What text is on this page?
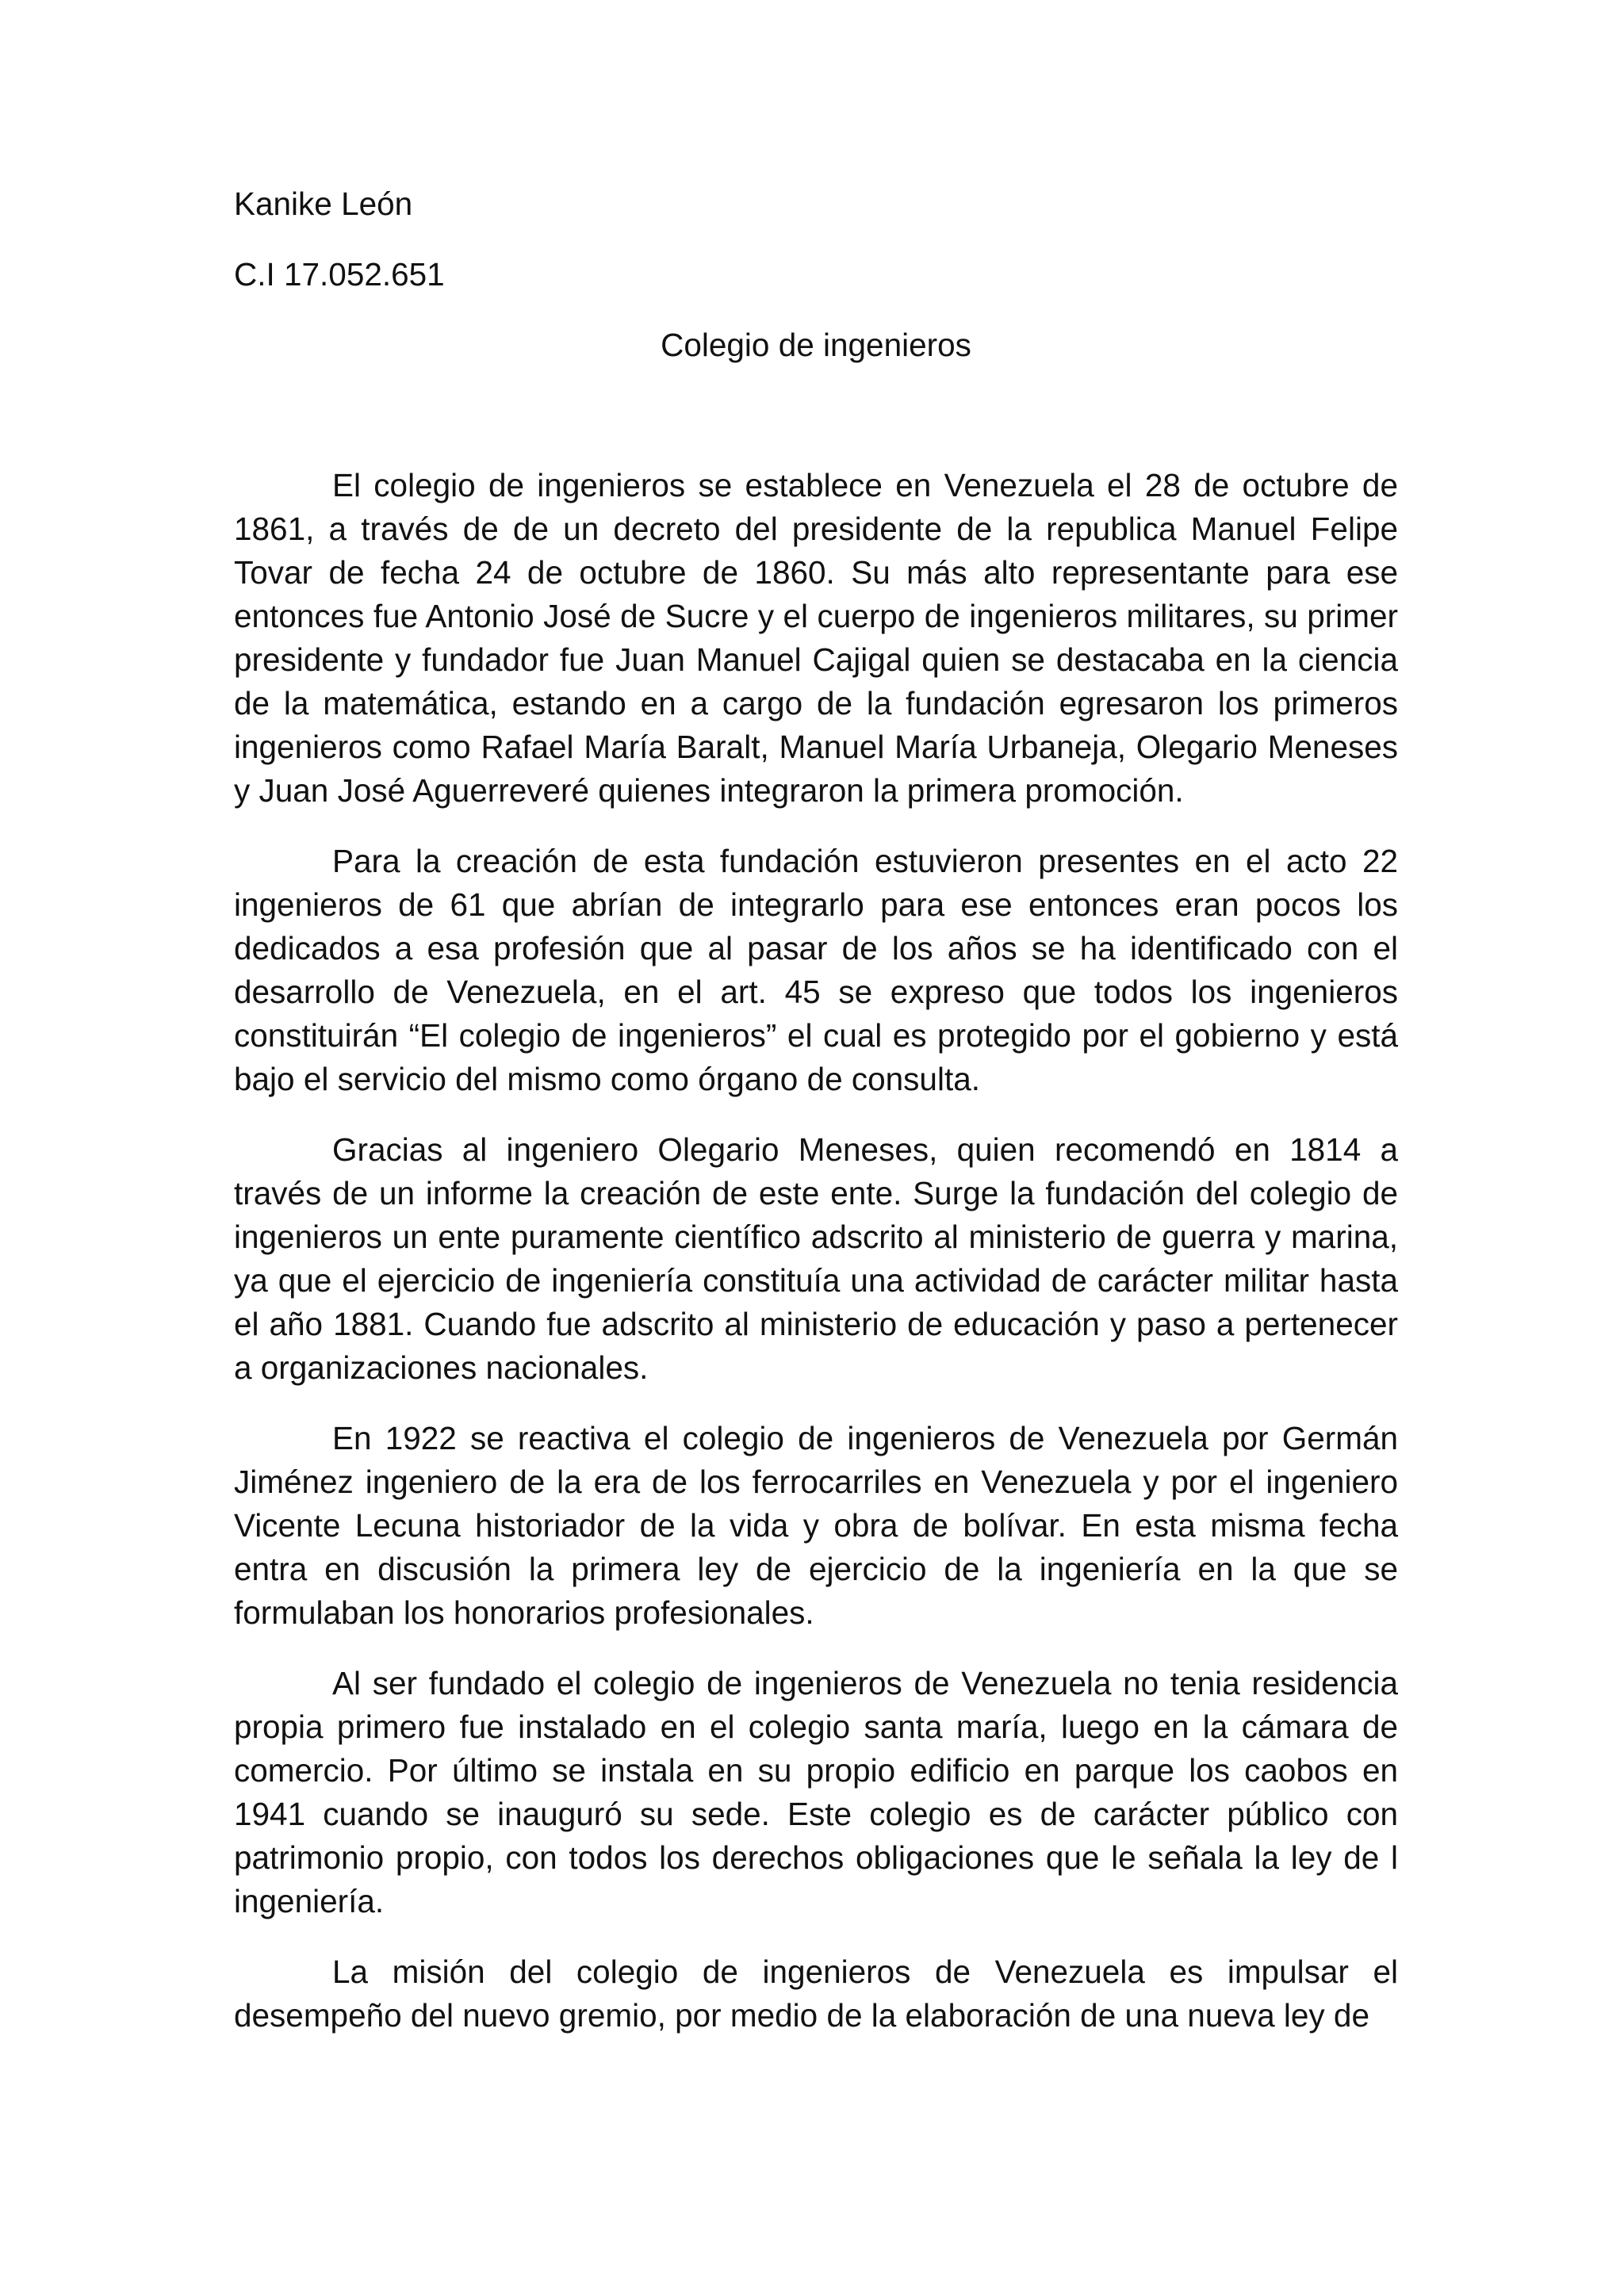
Kanike León
C.I 17.052.651
Colegio de ingenieros

El colegio de ingenieros se establece en Venezuela el 28 de octubre de 1861, a través de de un decreto del presidente de la republica Manuel Felipe Tovar de fecha 24 de octubre de 1860. Su más alto representante para ese entonces fue Antonio José de Sucre y el cuerpo de ingenieros militares, su primer presidente y fundador fue Juan Manuel Cajigal quien se destacaba en la ciencia de la matemática, estando en a cargo de la fundación egresaron los primeros ingenieros como Rafael María Baralt, Manuel María Urbaneja, Olegario Meneses y Juan José Aguerreveré quienes integraron la primera promoción.

Para la creación de esta fundación estuvieron presentes en el acto 22 ingenieros de 61 que abrían de integrarlo para ese entonces eran pocos los dedicados a esa profesión que al pasar de los años se ha identificado con el desarrollo de Venezuela, en el art. 45 se expreso que todos los ingenieros constituirán “El colegio de ingenieros” el cual es protegido por el gobierno y está bajo el servicio del mismo como órgano de consulta.

Gracias al ingeniero Olegario Meneses, quien recomendó en 1814 a través de un informe la creación de este ente. Surge la fundación del colegio de ingenieros un ente puramente científico adscrito al ministerio de guerra y marina, ya que el ejercicio de ingeniería constituía una actividad de carácter militar hasta el año 1881. Cuando fue adscrito al ministerio de educación y paso a pertenecer a organizaciones nacionales.

En 1922 se reactiva el colegio de ingenieros de Venezuela por Germán Jiménez ingeniero de la era de los ferrocarriles en Venezuela y por el ingeniero Vicente Lecuna historiador de la vida y obra de bolívar. En esta misma fecha entra en discusión la primera ley de ejercicio de la ingeniería en la que se formulaban los honorarios profesionales.

Al ser fundado el colegio de ingenieros de Venezuela no tenia residencia propia primero fue instalado en el colegio santa maría, luego en la cámara de comercio. Por último se instala en su propio edificio en parque los caobos en 1941 cuando se inauguró su sede. Este colegio es de carácter público con patrimonio propio, con todos los derechos obligaciones que le señala la ley de l ingeniería.

La misión del colegio de ingenieros de Venezuela es impulsar el desempeño del nuevo gremio, por medio de la elaboración de una nueva ley de
